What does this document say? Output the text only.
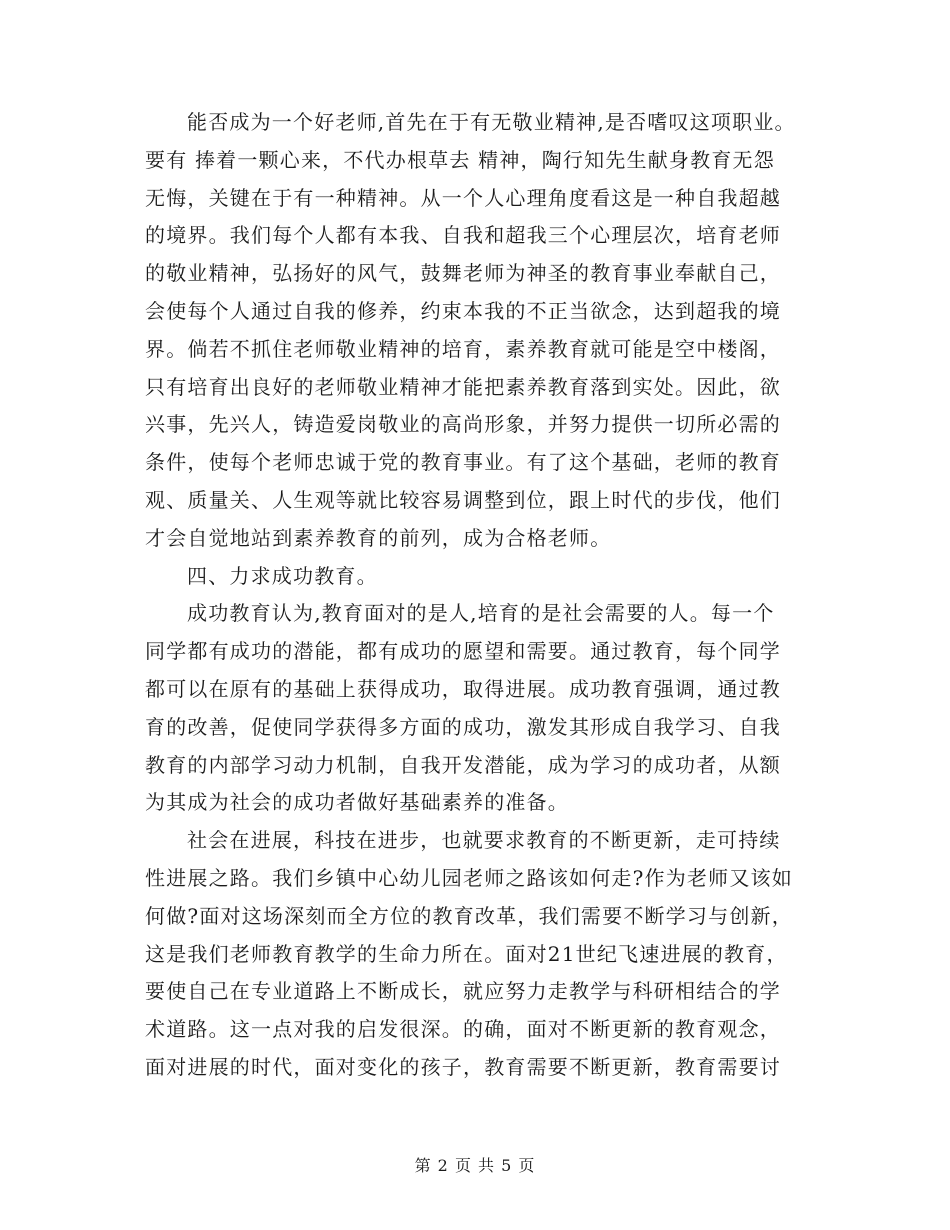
能否成为一个好老师,首先在于有无敬业精神,是否嗜叹这项职业。
要有 捧着一颗心来，不代办根草去 精神，陶行知先生献身教育无怨
无悔，关键在于有一种精神。从一个人心理角度看这是一种自我超越
的境界。我们每个人都有本我、自我和超我三个心理层次，培育老师
的敬业精神，弘扬好的风气，鼓舞老师为神圣的教育事业奉献自己，
会使每个人通过自我的修养，约束本我的不正当欲念，达到超我的境
界。倘若不抓住老师敬业精神的培育，素养教育就可能是空中楼阁，
只有培育出良好的老师敬业精神才能把素养教育落到实处。因此，欲
兴事，先兴人，铸造爱岗敬业的高尚形象，并努力提供一切所必需的
条件，使每个老师忠诚于党的教育事业。有了这个基础，老师的教育
观、质量关、人生观等就比较容易调整到位，跟上时代的步伐，他们
才会自觉地站到素养教育的前列，成为合格老师。
四、力求成功教育。
成功教育认为,教育面对的是人,培育的是社会需要的人。每一个
同学都有成功的潜能，都有成功的愿望和需要。通过教育，每个同学
都可以在原有的基础上获得成功，取得进展。成功教育强调，通过教
育的改善，促使同学获得多方面的成功，激发其形成自我学习、自我
教育的内部学习动力机制，自我开发潜能，成为学习的成功者，从额
为其成为社会的成功者做好基础素养的准备。
社会在进展，科技在进步，也就要求教育的不断更新，走可持续
性进展之路。我们乡镇中心幼儿园老师之路该如何走?作为老师又该如
何做?面对这场深刻而全方位的教育改革，我们需要不断学习与创新，
这是我们老师教育教学的生命力所在。面对21世纪飞速进展的教育，
要使自己在专业道路上不断成长，就应努力走教学与科研相结合的学
术道路。这一点对我的启发很深。的确，面对不断更新的教育观念，
面对进展的时代，面对变化的孩子，教育需要不断更新，教育需要讨
第 2 页 共 5 页
